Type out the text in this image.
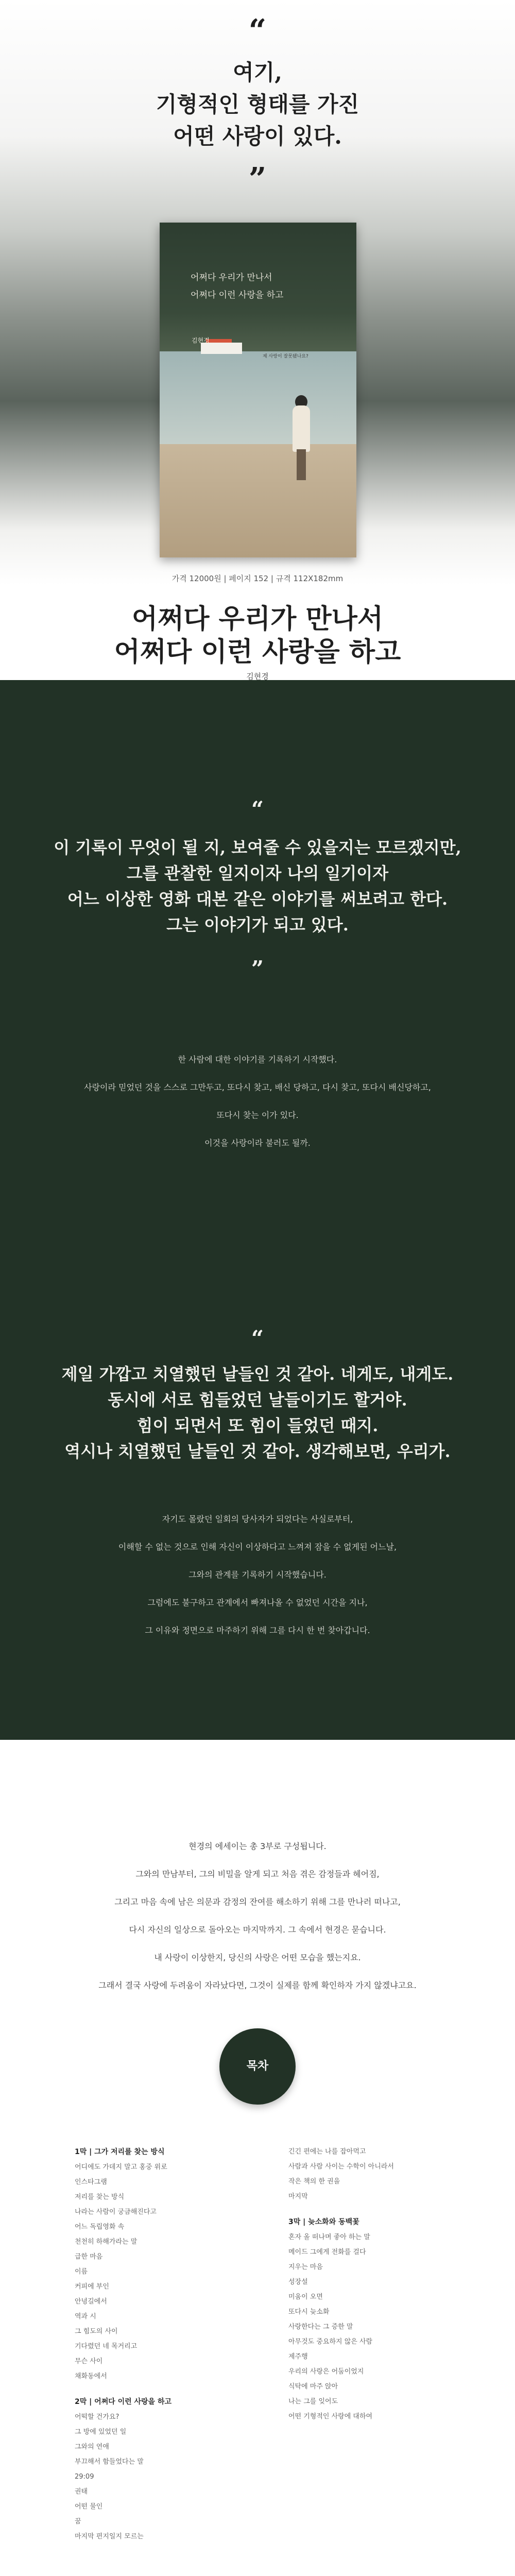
“
여기,
기형적인 형태를 가진
어떤 사랑이 있다.
”
어쩌다 우리가 만나서
어쩌다 이런 사랑을 하고
김현경
제 사랑이 잘못됐나요?
가격 12000원 | 페이지 152 | 규격 112X182mm
어쩌다 우리가 만나서
어쩌다 이런 사랑을 하고
김현경
“
이 기록이 무엇이 될 지, 보여줄 수 있을지는 모르겠지만,
그를 관찰한 일지이자 나의 일기이자
어느 이상한 영화 대본 같은 이야기를 써보려고 한다.
그는 이야기가 되고 있다.
”
한 사람에 대한 이야기를 기록하기 시작했다.
사랑이라 믿었던 것을 스스로 그만두고, 또다시 찾고, 배신 당하고, 다시 찾고, 또다시 배신당하고,
또다시 찾는 이가 있다.
이것을 사랑이라 불러도 될까.
“
제일 가깝고 치열했던 날들인 것 같아. 네게도, 내게도.
동시에 서로 힘들었던 날들이기도 할거야.
힘이 되면서 또 힘이 들었던 때지.
역시나 치열했던 날들인 것 같아. 생각해보면, 우리가.
자기도 몰랐던 일회의 당사자가 되었다는 사실로부터,
이해할 수 없는 것으로 인해 자신이 이상하다고 느껴져 잠을 수 없게된 어느날,
그와의 관계를 기록하기 시작했습니다.
그럼에도 불구하고 관계에서 빠져나올 수 없었던 시간을 지나,
그 이유와 정면으로 마주하기 위해 그를 다시 한 번 찾아갑니다.
현경의 에세이는 총 3부로 구성됩니다.
그와의 만남부터, 그의 비밀을 알게 되고 처음 겪은 감정들과 헤어짐,
그리고 마음 속에 남은 의문과 감정의 잔여를 해소하기 위해 그를 만나러 떠나고,
다시 자신의 일상으로 돌아오는 마지막까지. 그 속에서 현경은 묻습니다.
내 사랑이 이상한지, 당신의 사랑은 어떤 모습을 했는지요.
그래서 결국 사랑에 두려움이 자라났다면, 그것이 실제를 함께 확인하자 가지 않겠냐고요.
목차
1막 | 그가 저리를 찾는 방식
어디에도 가데지 말고 홍중 위로
인스타그램
저리를 찾는 방식
나라는 사람이 궁금해진다고
어느 독립영화 속
천천히 하해가라는 말
급한 마음
이름
커피에 부인
안녕길에서
역과 시
그 힘도의 사이
기다렸던 네 목거리고
무슨 사이
채화동에서
2막 | 어쩌다 이런 사랑을 하고
어떡할 건가요?
그 방에 있었던 일
그와의 연애
부끄해서 함들었다는 말
29:09
권태
어떤 물인
꿈
마지막 편지일지 모르는
긴긴 편에는 나를 잡아먹고
사람과 사람 사이는 수학이 아니라서
작은 책의 한 권을
마지막
3막 | 늦소화와 동백꽃
혼자 올 떠나며 좋아 하는 말
메이드 그에게 전화를 걸다
지우는 마음
성장설
미움이 오면
또다시 늦소화
사랑한다는 그 증한 말
아무것도 중요하지 않은 사람
제주행
우리의 사랑은 어둠이었지
식탁에 마주 앉아
나는 그를 잊어도
어떤 기형적인 사랑에 대하여
